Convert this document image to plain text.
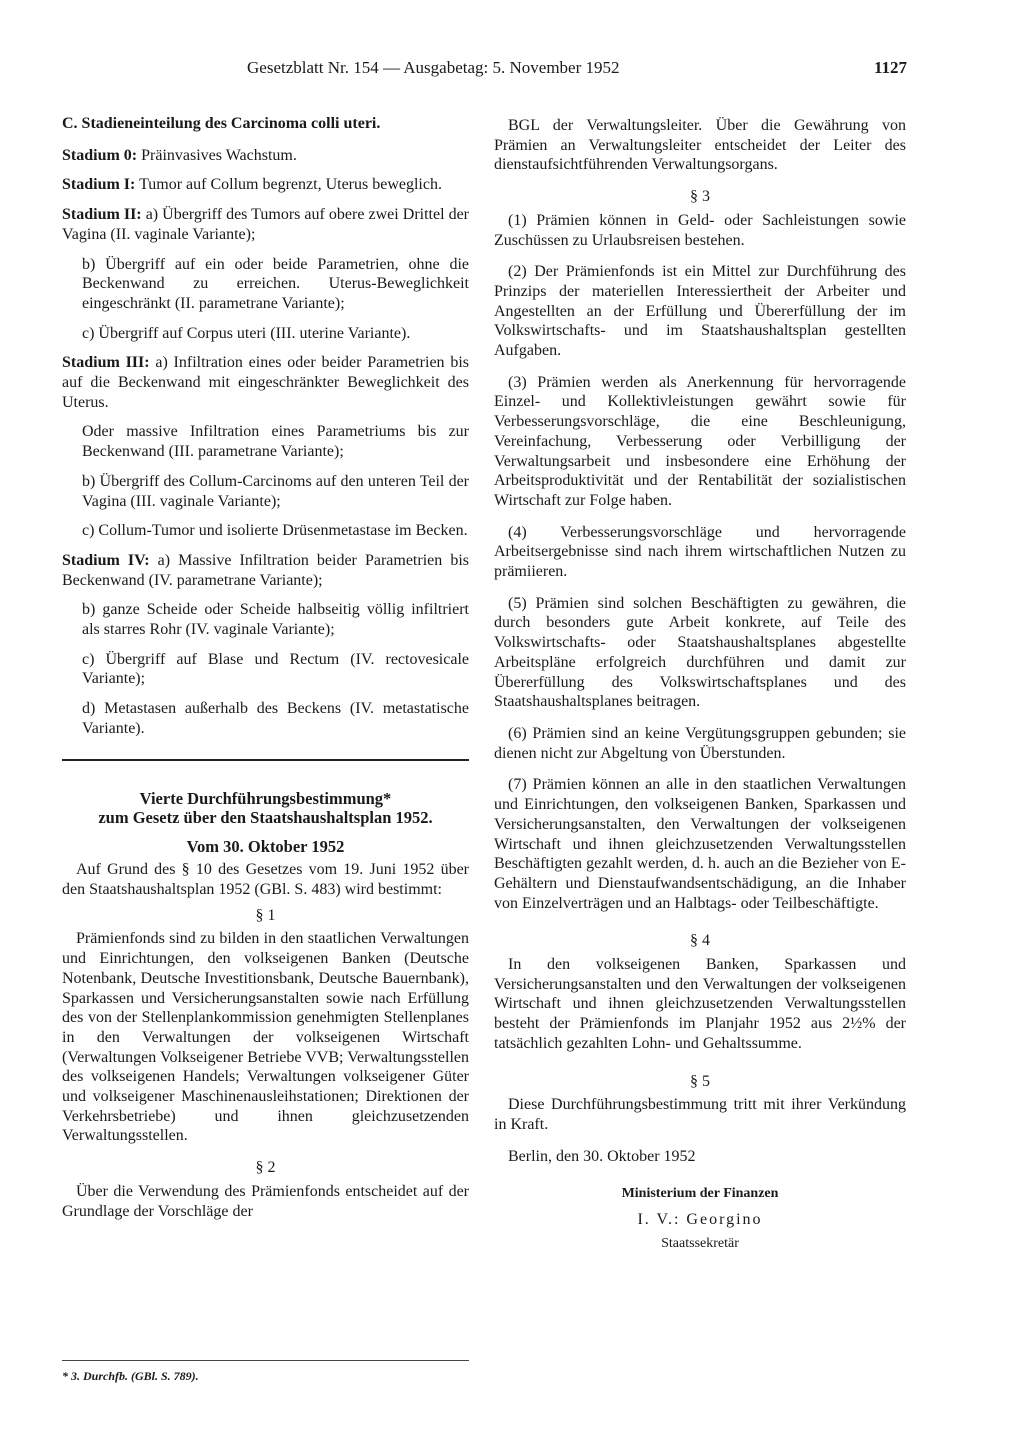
Gesetzblatt Nr. 154 — Ausgabetag: 5. November 1952	1127

C. Stadieneinteilung des Carcinoma colli uteri.

Stadium 0: Präinvasives Wachstum.

Stadium I: Tumor auf Collum begrenzt, Uterus beweglich.

Stadium II: a) Übergriff des Tumors auf obere zwei Drittel der Vagina (II. vaginale Variante);

b) Übergriff auf ein oder beide Parametrien, ohne die Beckenwand zu erreichen. Uterus-Beweglichkeit eingeschränkt (II. parametrane Variante);

c) Übergriff auf Corpus uteri (III. uterine Variante).

Stadium III: a) Infiltration eines oder beider Parametrien bis auf die Beckenwand mit eingeschränkter Beweglichkeit des Uterus.

Oder massive Infiltration eines Parametriums bis zur Beckenwand (III. parametrane Variante);

b) Übergriff des Collum-Carcinoms auf den unteren Teil der Vagina (III. vaginale Variante);

c) Collum-Tumor und isolierte Drüsenmetastase im Becken.

Stadium IV: a) Massive Infiltration beider Parametrien bis Beckenwand (IV. parametrane Variante);

b) ganze Scheide oder Scheide halbseitig völlig infiltriert als starres Rohr (IV. vaginale Variante);

c) Übergriff auf Blase und Rectum (IV. rectovesicale Variante);

d) Metastasen außerhalb des Beckens (IV. metastatische Variante).

Vierte Durchführungsbestimmung*

zum Gesetz über den Staatshaushaltsplan 1952.

Vom 30. Oktober 1952

Auf Grund des § 10 des Gesetzes vom 19. Juni 1952 über den Staatshaushaltsplan 1952 (GBl. S. 483) wird bestimmt:

§ 1

Prämienfonds sind zu bilden in den staatlichen Verwaltungen und Einrichtungen, den volkseigenen Banken (Deutsche Notenbank, Deutsche Investitionsbank, Deutsche Bauernbank), Sparkassen und Versicherungsanstalten sowie nach Erfüllung des von der Stellenplankommission genehmigten Stellenplanes in den Verwaltungen der volkseigenen Wirtschaft (Verwaltungen Volkseigener Betriebe VVB; Verwaltungsstellen des volkseigenen Handels; Verwaltungen volkseigener Güter und volkseigener Maschinenausleihstationen; Direktionen der Verkehrsbetriebe) und ihnen gleichzusetzenden Verwaltungsstellen.

§ 2

Über die Verwendung des Prämienfonds entscheidet auf der Grundlage der Vorschläge der

* 3. Durchfb. (GBl. S. 789).

BGL der Verwaltungsleiter. Über die Gewährung von Prämien an Verwaltungsleiter entscheidet der Leiter des dienstaufsichtführenden Verwaltungsorgans.

§ 3

(1) Prämien können in Geld- oder Sachleistungen sowie Zuschüssen zu Urlaubsreisen bestehen.

(2) Der Prämienfonds ist ein Mittel zur Durchführung des Prinzips der materiellen Interessiertheit der Arbeiter und Angestellten an der Erfüllung und Übererfüllung der im Volkswirtschafts- und im Staatshaushaltsplan gestellten Aufgaben.

(3) Prämien werden als Anerkennung für hervorragende Einzel- und Kollektivleistungen gewährt sowie für Verbesserungsvorschläge, die eine Beschleunigung, Vereinfachung, Verbesserung oder Verbilligung der Verwaltungsarbeit und insbesondere eine Erhöhung der Arbeitsproduktivität und der Rentabilität der sozialistischen Wirtschaft zur Folge haben.

(4) Verbesserungsvorschläge und hervorragende Arbeitsergebnisse sind nach ihrem wirtschaftlichen Nutzen zu prämiieren.

(5) Prämien sind solchen Beschäftigten zu gewähren, die durch besonders gute Arbeit konkrete, auf Teile des Volkswirtschafts- oder Staatshaushaltsplanes abgestellte Arbeitspläne erfolgreich durchführen und damit zur Übererfüllung des Volkswirtschaftsplanes und des Staatshaushaltsplanes beitragen.

(6) Prämien sind an keine Vergütungsgruppen gebunden; sie dienen nicht zur Abgeltung von Überstunden.

(7) Prämien können an alle in den staatlichen Verwaltungen und Einrichtungen, den volkseigenen Banken, Sparkassen und Versicherungsanstalten, den Verwaltungen der volkseigenen Wirtschaft und ihnen gleichzusetzenden Verwaltungsstellen Beschäftigten gezahlt werden, d. h. auch an die Bezieher von E-Gehältern und Dienstaufwandsentschädigung, an die Inhaber von Einzelverträgen und an Halbtags- oder Teilbeschäftigte.

§ 4

In den volkseigenen Banken, Sparkassen und Versicherungsanstalten und den Verwaltungen der volkseigenen Wirtschaft und ihnen gleichzusetzenden Verwaltungsstellen besteht der Prämienfonds im Planjahr 1952 aus 2½% der tatsächlich gezahlten Lohn- und Gehaltssumme.

§ 5

Diese Durchführungsbestimmung tritt mit ihrer Verkündung in Kraft.

Berlin, den 30. Oktober 1952

Ministerium der Finanzen

I. V.: Georgino

Staatssekretär
